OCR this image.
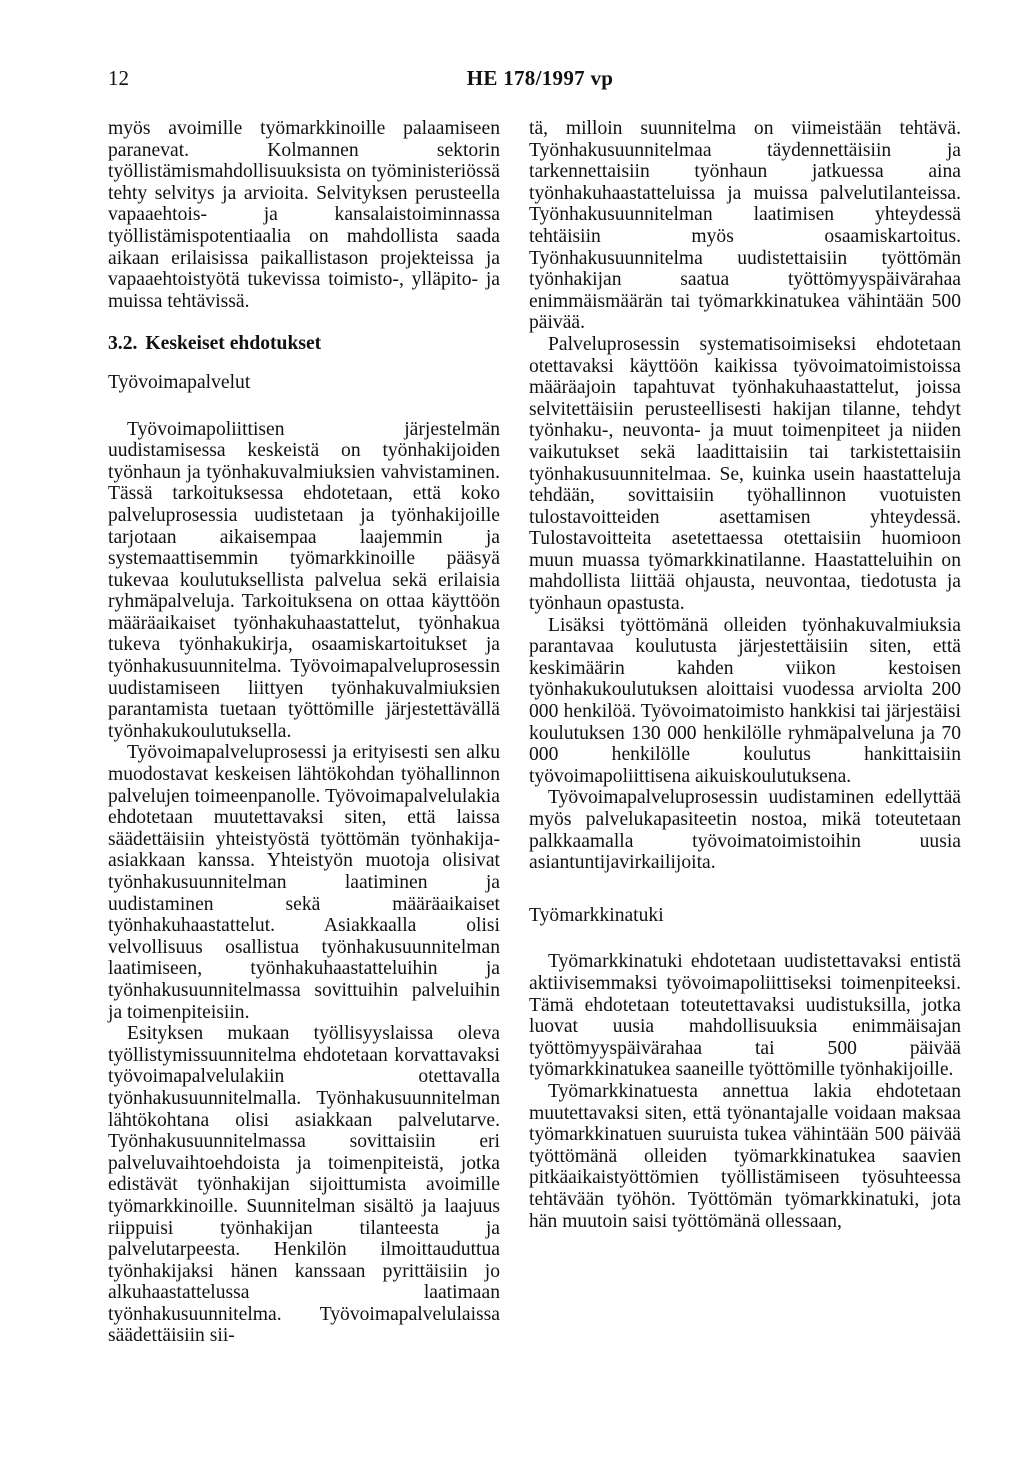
12	HE 178/1997 vp

myös avoimille työmarkkinoille palaamiseen paranevat. Kolmannen sektorin työllistämismahdollisuuksista on työministeriössä tehty selvitys ja arvioita. Selvityksen perusteella vapaaehtois- ja kansalaistoiminnassa työllistämispotentiaalia on mahdollista saada aikaan erilaisissa paikallistason projekteissa ja vapaaehtoistyötä tukevissa toimisto-, ylläpito- ja muissa tehtävissä.

3.2. Keskeiset ehdotukset
Työvoimapalvelut

Työvoimapoliittisen järjestelmän uudistamisessa keskeistä on työnhakijoiden työnhaun ja työnhakuvalmiuksien vahvistaminen. Tässä tarkoituksessa ehdotetaan, että koko palveluprosessia uudistetaan ja työnhakijoille tarjotaan aikaisempaa laajemmin ja systemaattisemmin työmarkkinoille pääsyä tukevaa koulutuksellista palvelua sekä erilaisia ryhmäpalveluja. Tarkoituksena on ottaa käyttöön määräaikaiset työnhakuhaastattelut, työnhakua tukeva työnhakukirja, osaamiskartoitukset ja työnhakusuunnitelma. Työvoimapalveluprosessin uudistamiseen liittyen työnhakuvalmiuksien parantamista tuetaan työttömille järjestettävällä työnhakukoulutuksella.

Työvoimapalveluprosessi ja erityisesti sen alku muodostavat keskeisen lähtökohdan työhallinnon palvelujen toimeenpanolle. Työvoimapalvelulakia ehdotetaan muutettavaksi siten, että laissa säädettäisiin yhteistyöstä työttömän työnhakija-asiakkaan kanssa. Yhteistyön muotoja olisivat työnhakusuunnitelman laatiminen ja uudistaminen sekä määräaikaiset työnhakuhaastattelut. Asiakkaalla olisi velvollisuus osallistua työnhakusuunnitelman laatimiseen, työnhakuhaastatteluihin ja työnhakusuunnitelmassa sovittuihin palveluihin ja toimenpiteisiin.

Esityksen mukaan työllisyyslaissa oleva työllistymissuunnitelma ehdotetaan korvattavaksi työvoimapalvelulakiin otettavalla työnhakusuunnitelmalla. Työnhakusuunnitelman lähtökohtana olisi asiakkaan palvelutarve. Työnhakusuunnitelmassa sovittaisiin eri palveluvaihtoehdoista ja toimenpiteistä, jotka edistävät työnhakijan sijoittumista avoimille työmarkkinoille. Suunnitelman sisältö ja laajuus riippuisi työnhakijan tilanteesta ja palvelutarpeesta. Henkilön ilmoittauduttua työnhakijaksi hänen kanssaan pyrittäisiin jo alkuhaastattelussa laatimaan työnhakusuunnitelma. Työvoimapalvelulaissa säädettäisiin sii-

tä, milloin suunnitelma on viimeistään tehtävä. Työnhakusuunnitelmaa täydennettäisiin ja tarkennettaisiin työnhaun jatkuessa aina työnhakuhaastatteluissa ja muissa palvelutilanteissa. Työnhakusuunnitelman laatimisen yhteydessä tehtäisiin myös osaamiskartoitus. Työnhakusuunnitelma uudistettaisiin työttömän työnhakijan saatua työttömyyspäivärahaa enimmäismäärän tai työmarkkinatukea vähintään 500 päivää.

Palveluprosessin systematisoimiseksi ehdotetaan otettavaksi käyttöön kaikissa työvoimatoimistoissa määräajoin tapahtuvat työnhakuhaastattelut, joissa selvitettäisiin perusteellisesti hakijan tilanne, tehdyt työnhaku-, neuvonta- ja muut toimenpiteet ja niiden vaikutukset sekä laadittaisiin tai tarkistettaisiin työnhakusuunnitelmaa. Se, kuinka usein haastatteluja tehdään, sovittaisiin työhallinnon vuotuisten tulostavoitteiden asettamisen yhteydessä. Tulostavoitteita asetettaessa otettaisiin huomioon muun muassa työmarkkinatilanne. Haastatteluihin on mahdollista liittää ohjausta, neuvontaa, tiedotusta ja työnhaun opastusta.

Lisäksi työttömänä olleiden työnhakuvalmiuksia parantavaa koulutusta järjestettäisiin siten, että keskimäärin kahden viikon kestoisen työnhakukoulutuksen aloittaisi vuodessa arviolta 200 000 henkilöä. Työvoimatoimisto hankkisi tai järjestäisi koulutuksen 130 000 henkilölle ryhmäpalveluna ja 70 000 henkilölle koulutus hankittaisiin työvoimapoliittisena aikuiskoulutuksena.

Työvoimapalveluprosessin uudistaminen edellyttää myös palvelukapasiteetin nostoa, mikä toteutetaan palkkaamalla työvoimatoimistoihin uusia asiantuntijavirkailijoita.

Työmarkkinatuki

Työmarkkinatuki ehdotetaan uudistettavaksi entistä aktiivisemmaksi työvoimapoliittiseksi toimenpiteeksi. Tämä ehdotetaan toteutettavaksi uudistuksilla, jotka luovat uusia mahdollisuuksia enimmäisajan työttömyyspäivärahaa tai 500 päivää työmarkkinatukea saaneille työttömille työnhakijoille.

Työmarkkinatuesta annettua lakia ehdotetaan muutettavaksi siten, että työnantajalle voidaan maksaa työmarkkinatuen suuruista tukea vähintään 500 päivää työttömänä olleiden työmarkkinatukea saavien pitkäaikaistyöttömien työllistämiseen työsuhteessa tehtävään työhön. Työttömän työmarkkinatuki, jota hän muutoin saisi työttömänä ollessaan,
